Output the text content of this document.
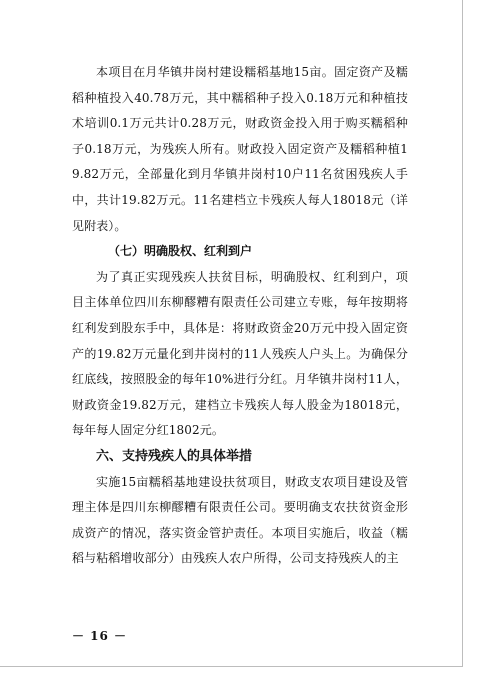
本项目在月华镇井岗村建设糯稻基地15亩。固定资产及糯稻种植投入40.78万元，其中糯稻种子投入0.18万元和种植技术培训0.1万元共计0.28万元，财政资金投入用于购买糯稻种子0.18万元，为残疾人所有。财政投入固定资产及糯稻种植19.82万元，全部量化到月华镇井岗村10户11名贫困残疾人手中，共计19.82万元。11名建档立卡残疾人每人18018元（详见附表）。

（七）明确股权、红利到户

为了真正实现残疾人扶贫目标，明确股权、红利到户，项目主体单位四川东柳醪糟有限责任公司建立专账，每年按期将红利发到股东手中，具体是：将财政资金20万元中投入固定资产的19.82万元量化到井岗村的11人残疾人户头上。为确保分红底线，按照股金的每年10%进行分红。月华镇井岗村11人，财政资金19.82万元，建档立卡残疾人每人股金为18018元，每年每人固定分红1802元。

六、支持残疾人的具体举措

实施15亩糯稻基地建设扶贫项目，财政支农项目建设及管理主体是四川东柳醪糟有限责任公司。要明确支农扶贫资金形成资产的情况，落实资金管护责任。本项目实施后，收益（糯稻与粘稻增收部分）由残疾人农户所得，公司支持残疾人的主

－ 16 －
